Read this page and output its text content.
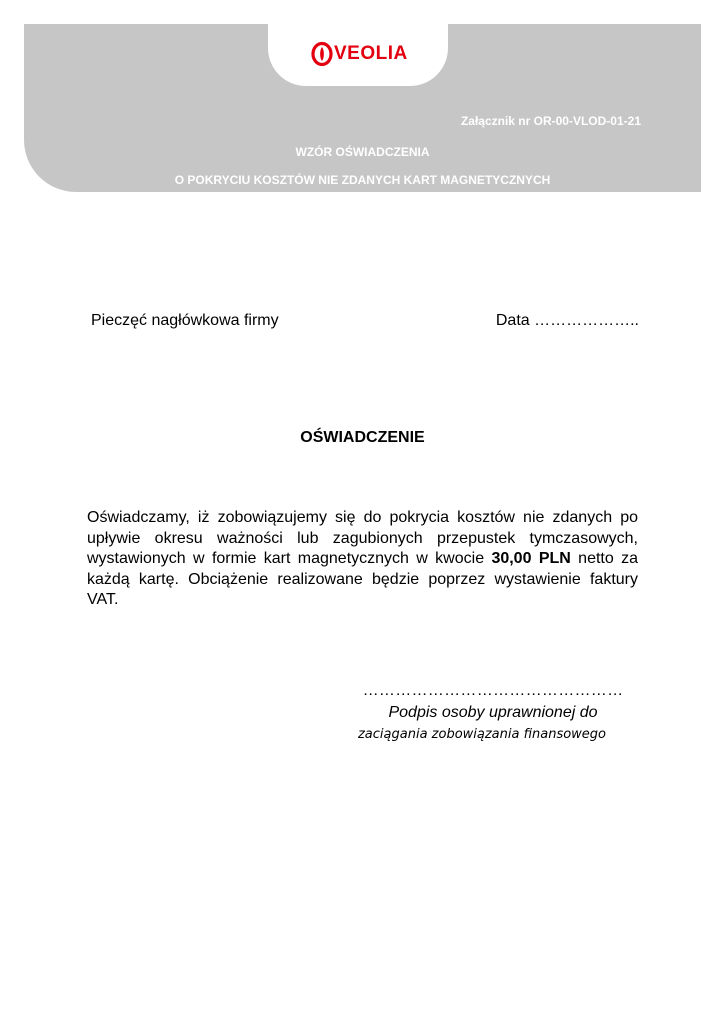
VEOLIA
Załącznik nr OR-00-VLOD-01-21
WZÓR OŚWIADCZENIA
O POKRYCIU KOSZTÓW NIE ZDANYCH KART MAGNETYCZNYCH
Pieczęć nagłówkowa firmy	Data ………………..
OŚWIADCZENIE
Oświadczamy, iż zobowiązujemy się do pokrycia kosztów nie zdanych po upływie okresu ważności lub zagubionych przepustek tymczasowych, wystawionych w formie kart magnetycznych w kwocie 30,00 PLN netto za każdą kartę. Obciążenie realizowane będzie poprzez wystawienie faktury VAT.
…………………………………………
Podpis osoby uprawnionej do
zaciągania zobowiązania finansowego
